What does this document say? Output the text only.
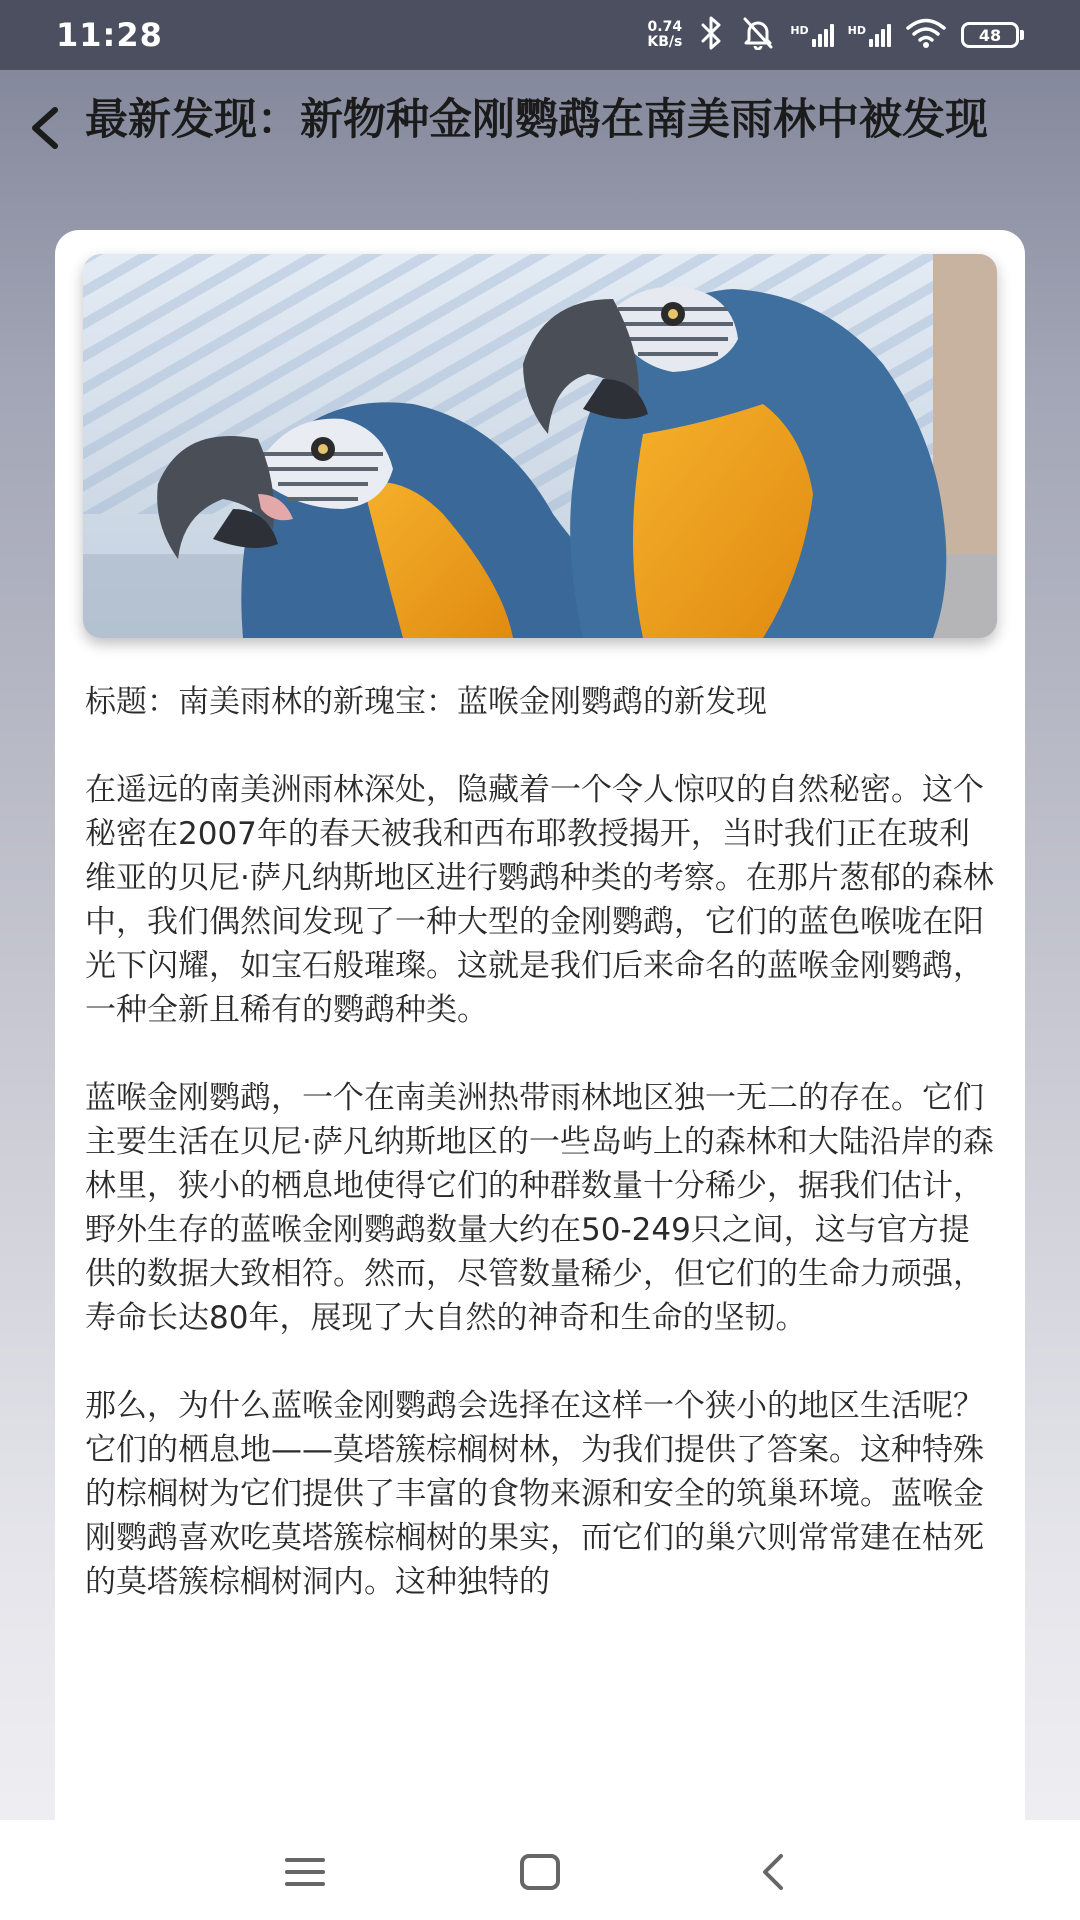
11:28	0.74
KB/s
HD	HD	48
最新发现：新物种金刚鹦鹉在南美雨林中被发现

标题：南美雨林的新瑰宝：蓝喉金刚鹦鹉的新发现

在遥远的南美洲雨林深处，隐藏着一个令人惊叹的自然秘密。这个秘密在2007年的春天被我和西布耶教授揭开，当时我们正在玻利维亚的贝尼·萨凡纳斯地区进行鹦鹉种类的考察。在那片葱郁的森林中，我们偶然间发现了一种大型的金刚鹦鹉，它们的蓝色喉咙在阳光下闪耀，如宝石般璀璨。这就是我们后来命名的蓝喉金刚鹦鹉，一种全新且稀有的鹦鹉种类。

蓝喉金刚鹦鹉，一个在南美洲热带雨林地区独一无二的存在。它们主要生活在贝尼·萨凡纳斯地区的一些岛屿上的森林和大陆沿岸的森林里，狭小的栖息地使得它们的种群数量十分稀少，据我们估计，野外生存的蓝喉金刚鹦鹉数量大约在50-249只之间，这与官方提供的数据大致相符。然而，尽管数量稀少，但它们的生命力顽强，寿命长达80年，展现了大自然的神奇和生命的坚韧。

那么，为什么蓝喉金刚鹦鹉会选择在这样一个狭小的地区生活呢？它们的栖息地——莫塔簇棕榈树林，为我们提供了答案。这种特殊的棕榈树为它们提供了丰富的食物来源和安全的筑巢环境。蓝喉金刚鹦鹉喜欢吃莫塔簇棕榈树的果实，而它们的巢穴则常常建在枯死的莫塔簇棕榈树洞内。这种独特的
